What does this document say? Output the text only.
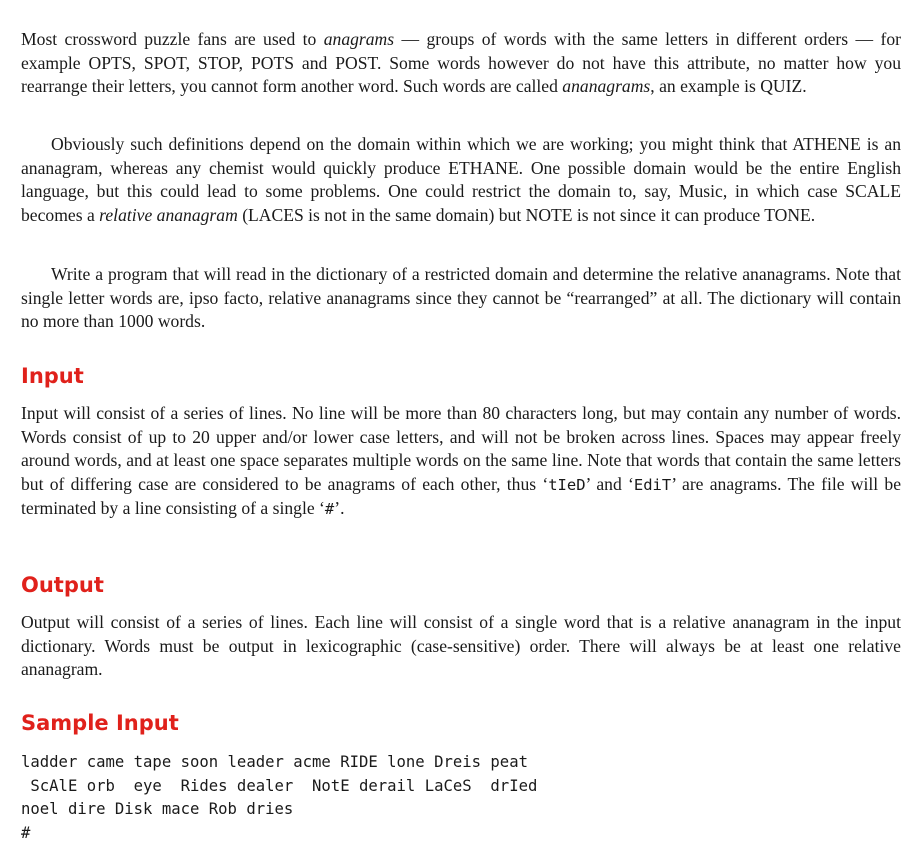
Most crossword puzzle fans are used to anagrams — groups of words with the same letters in different orders — for example OPTS, SPOT, STOP, POTS and POST. Some words however do not have this attribute, no matter how you rearrange their letters, you cannot form another word. Such words are called ananagrams, an example is QUIZ.

Obviously such definitions depend on the domain within which we are working; you might think that ATHENE is an ananagram, whereas any chemist would quickly produce ETHANE. One possible domain would be the entire English language, but this could lead to some problems. One could restrict the domain to, say, Music, in which case SCALE becomes a relative ananagram (LACES is not in the same domain) but NOTE is not since it can produce TONE.

Write a program that will read in the dictionary of a restricted domain and determine the relative ananagrams. Note that single letter words are, ipso facto, relative ananagrams since they cannot be “rearranged” at all. The dictionary will contain no more than 1000 words.

Input

Input will consist of a series of lines. No line will be more than 80 characters long, but may contain any number of words. Words consist of up to 20 upper and/or lower case letters, and will not be broken across lines. Spaces may appear freely around words, and at least one space separates multiple words on the same line. Note that words that contain the same letters but of differing case are considered to be anagrams of each other, thus ‘tIeD’ and ‘EdiT’ are anagrams. The file will be terminated by a line consisting of a single ‘#’.

Output

Output will consist of a series of lines. Each line will consist of a single word that is a relative ananagram in the input dictionary. Words must be output in lexicographic (case-sensitive) order. There will always be at least one relative ananagram.

Sample Input
ladder came tape soon leader acme RIDE lone Dreis peat
ScAlE orb  eye  Rides dealer  NotE derail LaCeS  drIed
noel dire Disk mace Rob dries
#
